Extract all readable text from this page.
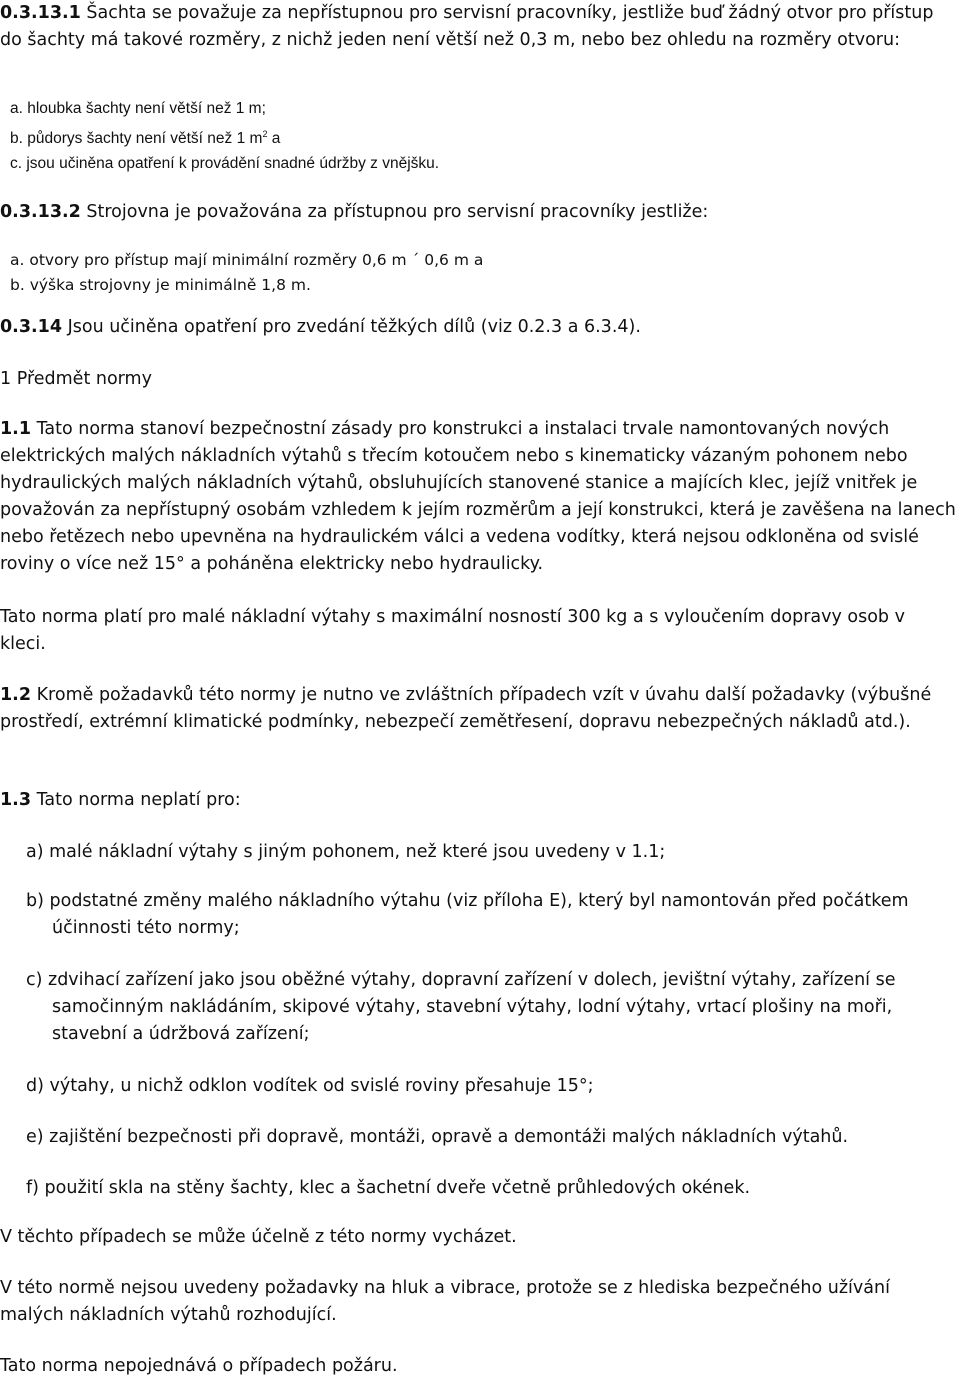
0.3.13.1 Šachta se považuje za nepřístupnou pro servisní pracovníky, jestliže buď žádný otvor pro přístup do šachty má takové rozměry, z nichž jeden není větší než 0,3 m, nebo bez ohledu na rozměry otvoru:

a. hloubka šachty není větší než 1 m;

b. půdorys šachty není větší než 1 $m^2$ a

c. jsou učiněna opatření k provádění snadné údržby z vnějšku.

0.3.13.2 Strojovna je považována za přístupnou pro servisní pracovníky jestliže:

a. otvory pro přístup mají minimální rozměry 0,6 m ´ 0,6 m a

b. výška strojovny je minimálně 1,8 m.

0.3.14 Jsou učiněna opatření pro zvedání těžkých dílů (viz 0.2.3 a 6.3.4).

1 Předmět normy

1.1 Tato norma stanoví bezpečnostní zásady pro konstrukci a instalaci trvale namontovaných nových elektrických malých nákladních výtahů s třecím kotoučem nebo s kinematicky vázaným pohonem nebo hydraulických malých nákladních výtahů, obsluhujících stanovené stanice a majících klec, jejíž vnitřek je považován za nepřístupný osobám vzhledem k jejím rozměrům a její konstrukci, která je zavěšena na lanech nebo řetězech nebo upevněna na hydraulickém válci a vedena vodítky, která nejsou odkloněna od svislé roviny o více než 15° a poháněna elektricky nebo hydraulicky.

Tato norma platí pro malé nákladní výtahy s maximální nosností 300 kg a s vyloučením dopravy osob v kleci.

1.2 Kromě požadavků této normy je nutno ve zvláštních případech vzít v úvahu další požadavky (výbušné prostředí, extrémní klimatické podmínky, nebezpečí zemětřesení, dopravu nebezpečných nákladů atd.).

1.3 Tato norma neplatí pro:

a) malé nákladní výtahy s jiným pohonem, než které jsou uvedeny v 1.1;

b) podstatné změny malého nákladního výtahu (viz příloha E), který byl namontován před počátkem účinnosti této normy;

c) zdvihací zařízení jako jsou oběžné výtahy, dopravní zařízení v dolech, jevištní výtahy, zařízení se samočinným nakládáním, skipové výtahy, stavební výtahy, lodní výtahy, vrtací plošiny na moři, stavební a údržbová zařízení;

d) výtahy, u nichž odklon vodítek od svislé roviny přesahuje 15°;

e) zajištění bezpečnosti při dopravě, montáži, opravě a demontáži malých nákladních výtahů.

f) použití skla na stěny šachty, klec a šachetní dveře včetně průhledových okének.

V těchto případech se může účelně z této normy vycházet.

V této normě nejsou uvedeny požadavky na hluk a vibrace, protože se z hlediska bezpečného užívání malých nákladních výtahů rozhodující.

Tato norma nepojednává o případech požáru.
